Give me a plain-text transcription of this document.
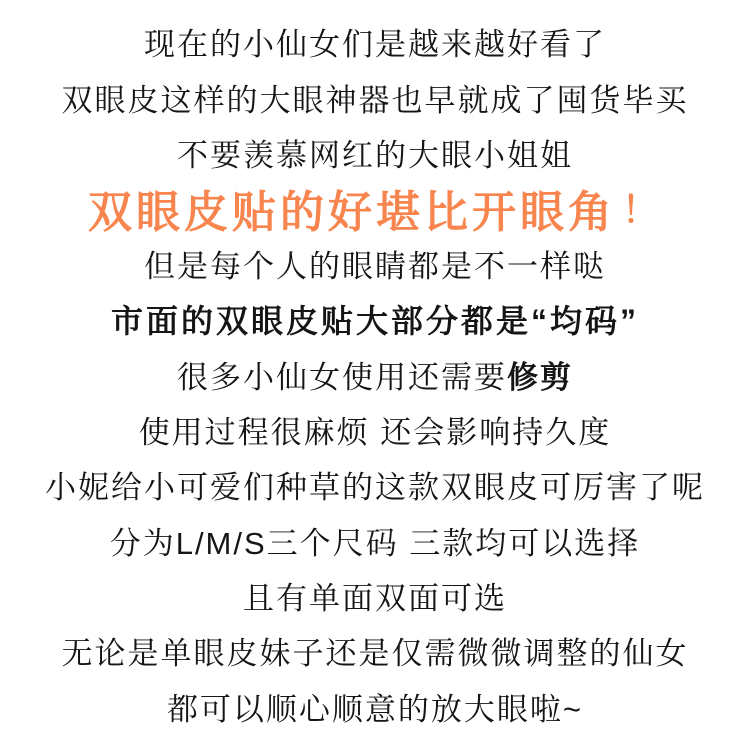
现在的小仙女们是越来越好看了
双眼皮这样的大眼神器也早就成了囤货毕买
不要羡慕网红的大眼小姐姐
双眼皮贴的好堪比开眼角 ！
但是每个人的眼睛都是不一样哒
市面的双眼皮贴大部分都是“均码”
很多小仙女使用还需要 修剪
使用过程很麻烦 还会影响持久度
小妮给小可爱们种草的这款双眼皮可厉害了呢
分为L/M/S三个尺码 三款均可以选择
且有单面双面可选
无论是单眼皮妹子还是仅需微微调整的仙女
都可以顺心顺意的放大眼啦~
